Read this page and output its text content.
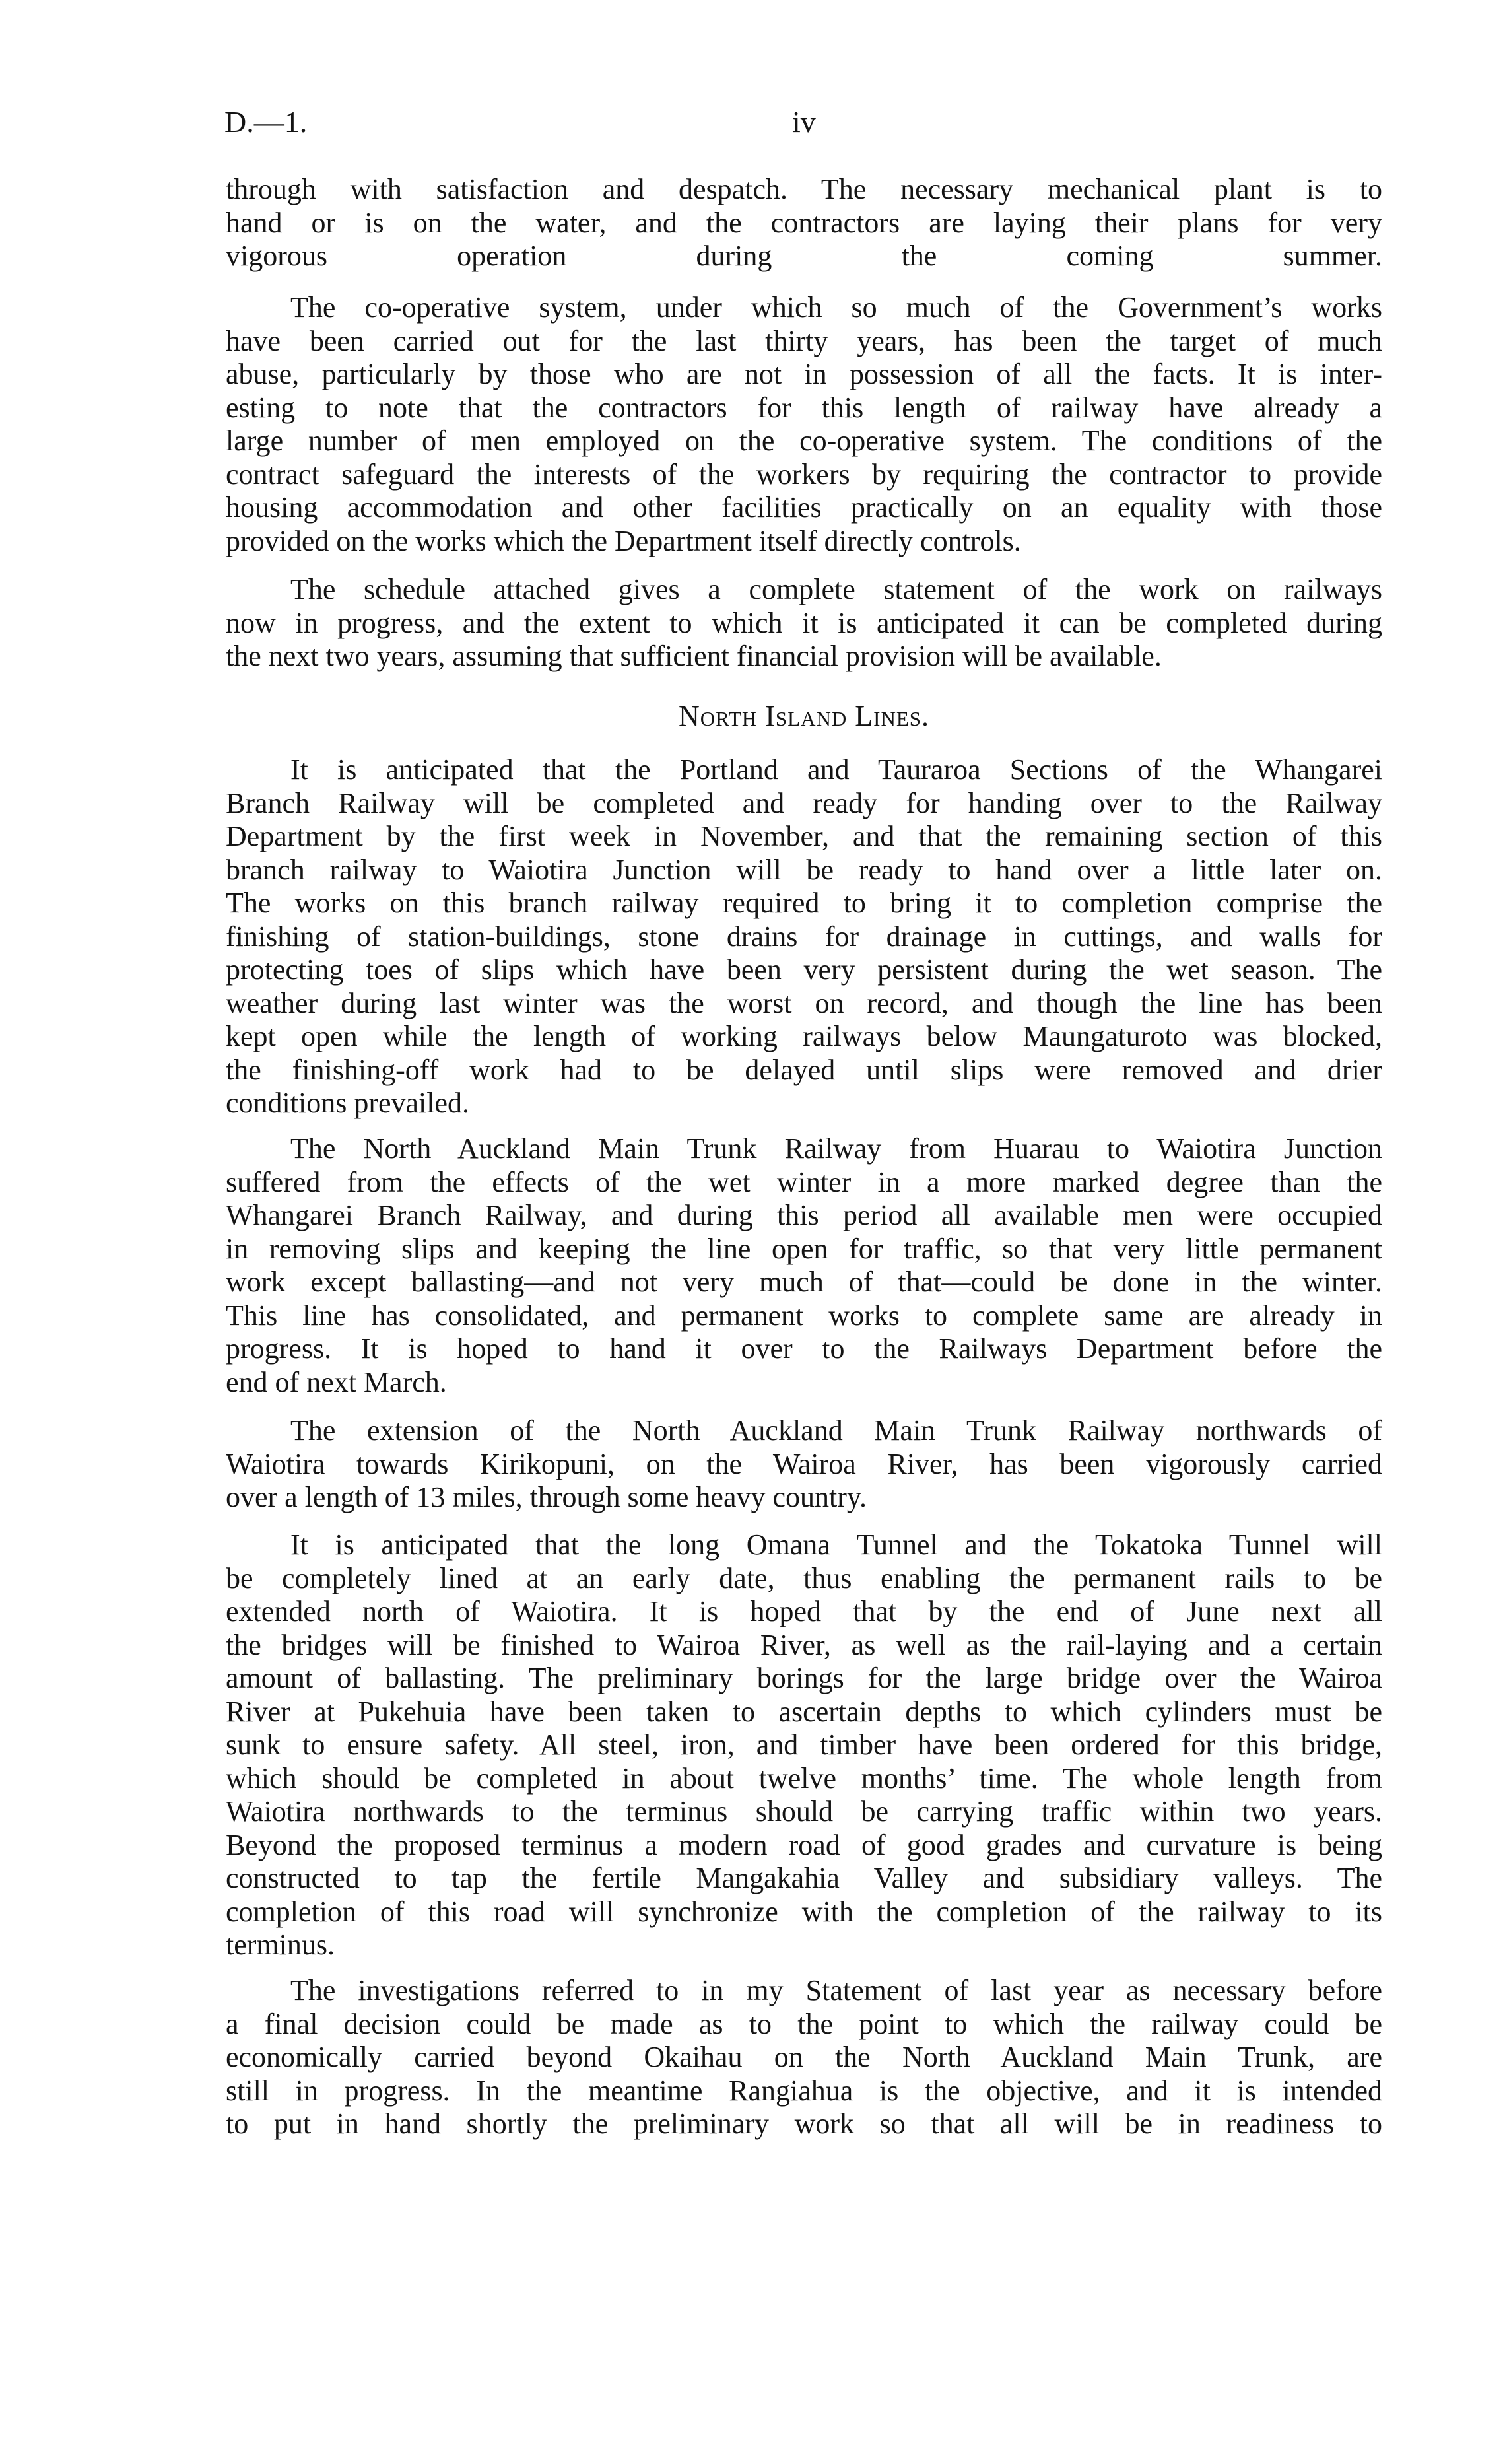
D.—1.	iv
through with satisfaction and despatch. The necessary mechanical plant is to
hand or is on the water, and the contractors are laying their plans for very
vigorous operation during the coming summer.
The co-operative system, under which so much of the Government’s works
have been carried out for the last thirty years, has been the target of much
abuse, particularly by those who are not in possession of all the facts. It is inter-
esting to note that the contractors for this length of railway have already a
large number of men employed on the co-operative system. The conditions of the
contract safeguard the interests of the workers by requiring the contractor to provide
housing accommodation and other facilities practically on an equality with those
provided on the works which the Department itself directly controls.
The schedule attached gives a complete statement of the work on railways
now in progress, and the extent to which it is anticipated it can be completed during
the next two years, assuming that sufficient financial provision will be available.
North Island Lines.
It is anticipated that the Portland and Tauraroa Sections of the Whangarei
Branch Railway will be completed and ready for handing over to the Railway
Department by the first week in November, and that the remaining section of this
branch railway to Waiotira Junction will be ready to hand over a little later on.
The works on this branch railway required to bring it to completion comprise the
finishing of station-buildings, stone drains for drainage in cuttings, and walls for
protecting toes of slips which have been very persistent during the wet season. The
weather during last winter was the worst on record, and though the line has been
kept open while the length of working railways below Maungaturoto was blocked,
the finishing-off work had to be delayed until slips were removed and drier
conditions prevailed.
The North Auckland Main Trunk Railway from Huarau to Waiotira Junction
suffered from the effects of the wet winter in a more marked degree than the
Whangarei Branch Railway, and during this period all available men were occupied
in removing slips and keeping the line open for traffic, so that very little permanent
work except ballasting—and not very much of that—could be done in the winter.
This line has consolidated, and permanent works to complete same are already in
progress. It is hoped to hand it over to the Railways Department before the
end of next March.
The extension of the North Auckland Main Trunk Railway northwards of
Waiotira towards Kirikopuni, on the Wairoa River, has been vigorously carried
over a length of 13 miles, through some heavy country.
It is anticipated that the long Omana Tunnel and the Tokatoka Tunnel will
be completely lined at an early date, thus enabling the permanent rails to be
extended north of Waiotira. It is hoped that by the end of June next all
the bridges will be finished to Wairoa River, as well as the rail-laying and a certain
amount of ballasting. The preliminary borings for the large bridge over the Wairoa
River at Pukehuia have been taken to ascertain depths to which cylinders must be
sunk to ensure safety. All steel, iron, and timber have been ordered for this bridge,
which should be completed in about twelve months’ time. The whole length from
Waiotira northwards to the terminus should be carrying traffic within two years.
Beyond the proposed terminus a modern road of good grades and curvature is being
constructed to tap the fertile Mangakahia Valley and subsidiary valleys. The
completion of this road will synchronize with the completion of the railway to its
terminus.
The investigations referred to in my Statement of last year as necessary before
a final decision could be made as to the point to which the railway could be
economically carried beyond Okaihau on the North Auckland Main Trunk, are
still in progress. In the meantime Rangiahua is the objective, and it is intended
to put in hand shortly the preliminary work so that all will be in readiness to
